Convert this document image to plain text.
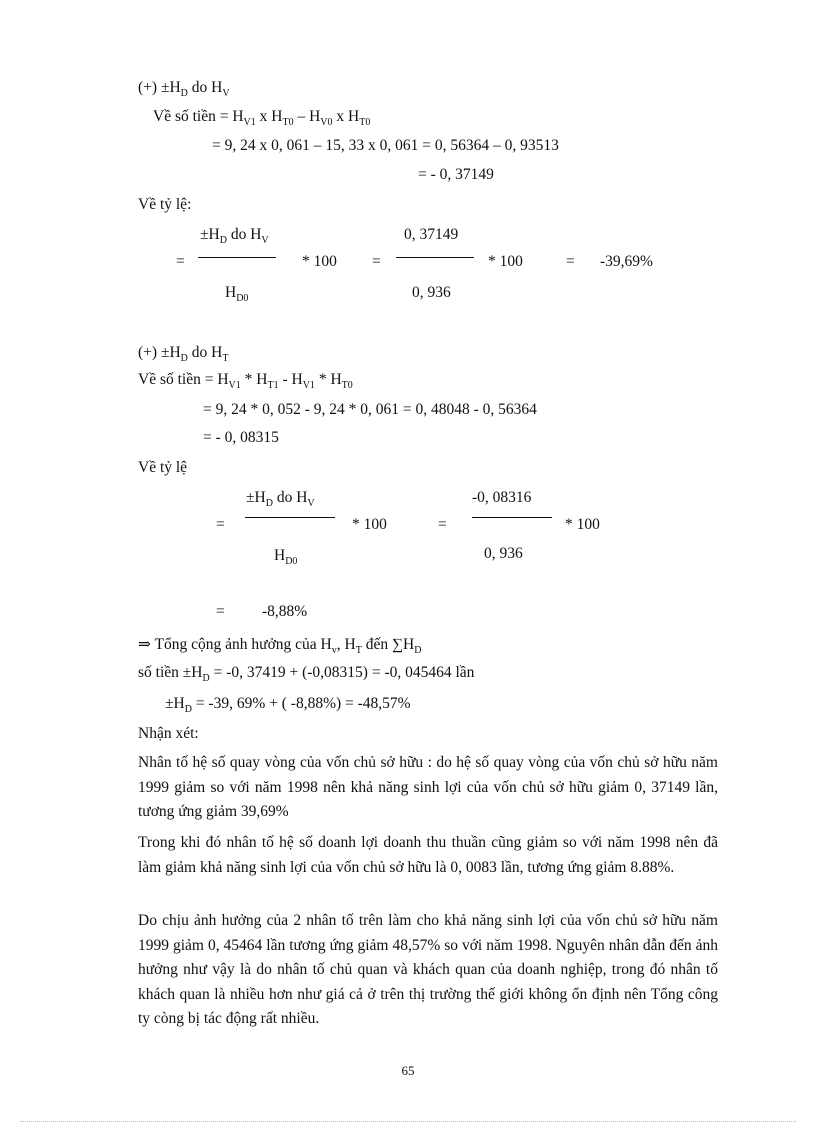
(+) $\pm H_D$ do $H_V$
Về số tiền = $H_{V1}$ x $H_{T0} - H_{V0}$ x $H_{T0}$
= 9, 24 x 0, 061 – 15, 33 x 0, 061 = 0, 56364 – 0, 93513
= - 0, 37149
Về tỷ lệ:
$\pm H_D$ do $H_V$
$H_{D0}$
=	* 100 =
0, 37149
0, 936
* 100	= -39,69%
(+) $\pm H_D$ do $H_T$
Về số tiền = $H_{V1} * H_{T1} - H_{V1} * H_{T0}$
= 9, 24 * 0, 052 - 9, 24 * 0, 061 = 0, 48048 - 0, 56364
= - 0, 08315
Về tỷ lệ
$\pm H_D$ do $H_V$
$H_{D0}$
=	* 100	=
-0, 08316
0, 936
* 100
= -8,88%
⇒ Tổng cộng ảnh hưởng của $H_v$, $H_T$ đến $\sum H_D$
số tiền $\pm H_D = -0$, 37419 + (-0,08315) = -0, 045464 lần
$\pm H_D = -39$, 69% + ( -8,88%) = -48,57%
Nhận xét:

Nhân tố hệ số quay vòng của vốn chủ sở hữu : do hệ số quay vòng của vốn chủ sở hữu năm 1999 giảm so với năm 1998 nên khả năng sinh lợi của vốn chủ sở hữu giảm 0, 37149 lần, tương ứng giảm 39,69%

Trong khi đó nhân tố hệ số doanh lợi doanh thu thuần cũng giảm so với năm 1998 nên đã làm giảm khả năng sinh lợi của vốn chủ sở hữu là 0, 0083 lần, tương ứng giảm 8.88%.

Do chịu ảnh hưởng của 2 nhân tố trên làm cho khả năng sinh lợi của vốn chủ sở hữu năm 1999 giảm 0, 45464 lần tương ứng giảm 48,57% so với năm 1998. Nguyên nhân dẫn đến ảnh hưởng như vậy là do nhân tố chủ quan và khách quan của doanh nghiệp, trong đó nhân tố khách quan là nhiều hơn như giá cả ở trên thị trường thế giới không ổn định nên Tổng công ty còng bị tác động rất nhiều.

65
